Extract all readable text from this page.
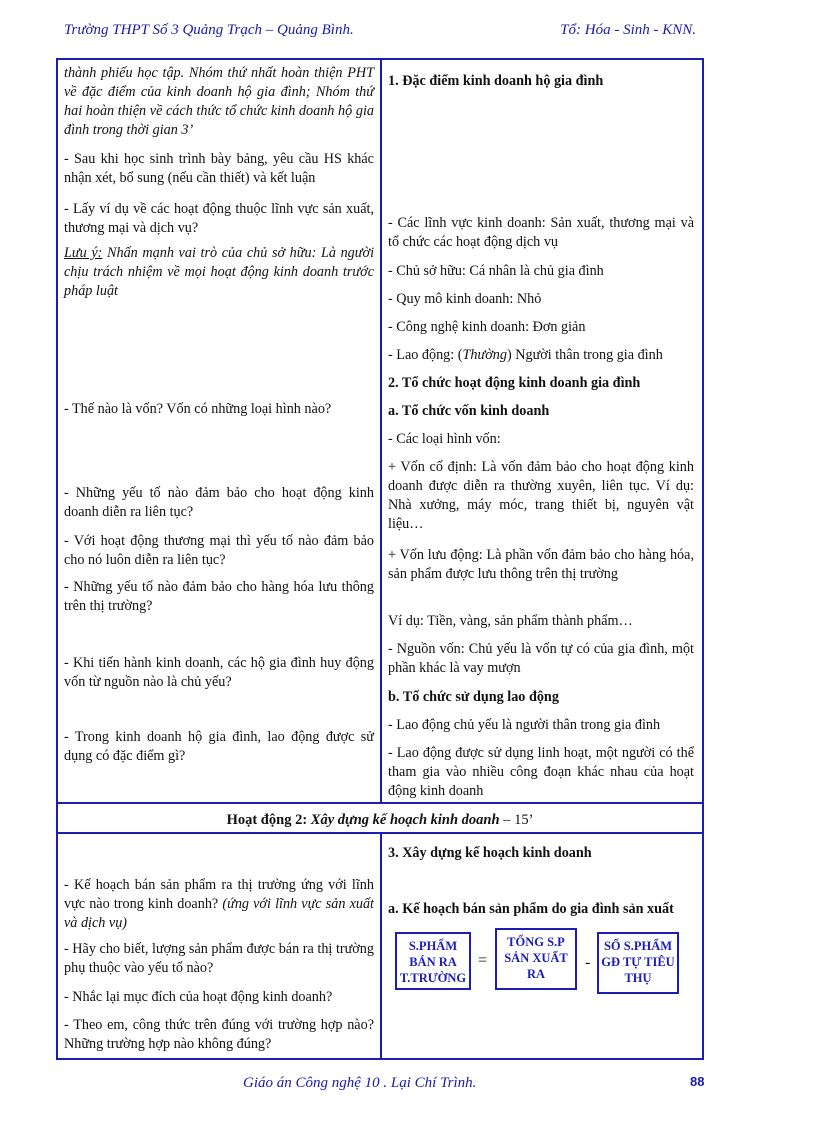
Trường THPT Số 3 Quảng Trạch – Quảng Bình.	Tổ: Hóa - Sinh - KNN.
thành phiếu học tập. Nhóm thứ nhất hoàn thiện PHT về đặc điểm của kinh doanh hộ gia đình; Nhóm thứ hai hoàn thiện về cách thức tổ chức kinh doanh hộ gia đình trong thời gian 3’
- Sau khi học sinh trình bày bảng, yêu cầu HS khác nhận xét, bổ sung (nếu cần thiết) và kết luận
- Lấy ví dụ về các hoạt động thuộc lĩnh vực sản xuất, thương mại và dịch vụ?
Lưu ý: Nhấn mạnh vai trò của chủ sở hữu: Là người chịu trách nhiệm về mọi hoạt động kinh doanh trước pháp luật
- Thế nào là vốn? Vốn có những loại hình nào?
- Những yếu tố nào đảm bảo cho hoạt động kinh doanh diễn ra liên tục?
- Với hoạt động thương mại thì yếu tố nào đảm bảo cho nó luôn diễn ra liên tục?
- Những yếu tố nào đảm bảo cho hàng hóa lưu thông trên thị trường?
- Khi tiến hành kinh doanh, các hộ gia đình huy động vốn từ nguồn nào là chủ yếu?
- Trong kinh doanh hộ gia đình, lao động được sử dụng có đặc điểm gì?
1. Đặc điểm kinh doanh hộ gia đình
- Các lĩnh vực kinh doanh: Sản xuất, thương mại và tổ chức các hoạt động dịch vụ
- Chủ sở hữu: Cá nhân là chủ gia đình
- Quy mô kinh doanh: Nhỏ
- Công nghệ kinh doanh: Đơn giản
- Lao động: (Thường) Người thân trong gia đình
2. Tổ chức hoạt động kinh doanh gia đình
a. Tổ chức vốn kinh doanh
- Các loại hình vốn:
+ Vốn cố định: Là vốn đảm bảo cho hoạt động kinh doanh được diễn ra thường xuyên, liên tục. Ví dụ: Nhà xưởng, máy móc, trang thiết bị, nguyên vật liệu…
+ Vốn lưu động: Là phần vốn đảm bảo cho hàng hóa, sản phẩm được lưu thông trên thị trường
Ví dụ: Tiền, vàng, sản phẩm thành phẩm…
- Nguồn vốn: Chủ yếu là vốn tự có của gia đình, một phần khác là vay mượn
b. Tổ chức sử dụng lao động
- Lao động chủ yếu là người thân trong gia đình
- Lao động được sử dụng linh hoạt, một người có thể tham gia vào nhiều công đoạn khác nhau của hoạt động kinh doanh
Hoạt động 2: Xây dựng kế hoạch kinh doanh – 15’
- Kế hoạch bán sản phẩm ra thị trường ứng với lĩnh vực nào trong kinh doanh? (ứng với lĩnh vực sản xuất và dịch vụ)
- Hãy cho biết, lượng sản phẩm được bán ra thị trường phụ thuộc vào yếu tố nào?
- Nhắc lại mục đích của hoạt động kinh doanh?
- Theo em, công thức trên đúng với trường hợp nào? Những trường hợp nào không đúng?
3. Xây dựng kế hoạch kinh doanh
a. Kế hoạch bán sản phẩm do gia đình sản xuất
S.PHẨM BÁN RA T.TRƯỜNG
=
TỔNG S.P SẢN XUẤT RA
-
SỐ S.PHẨM GĐ TỰ TIÊU THỤ
Giáo án Công nghệ 10 . Lại Chí Trình.	88
